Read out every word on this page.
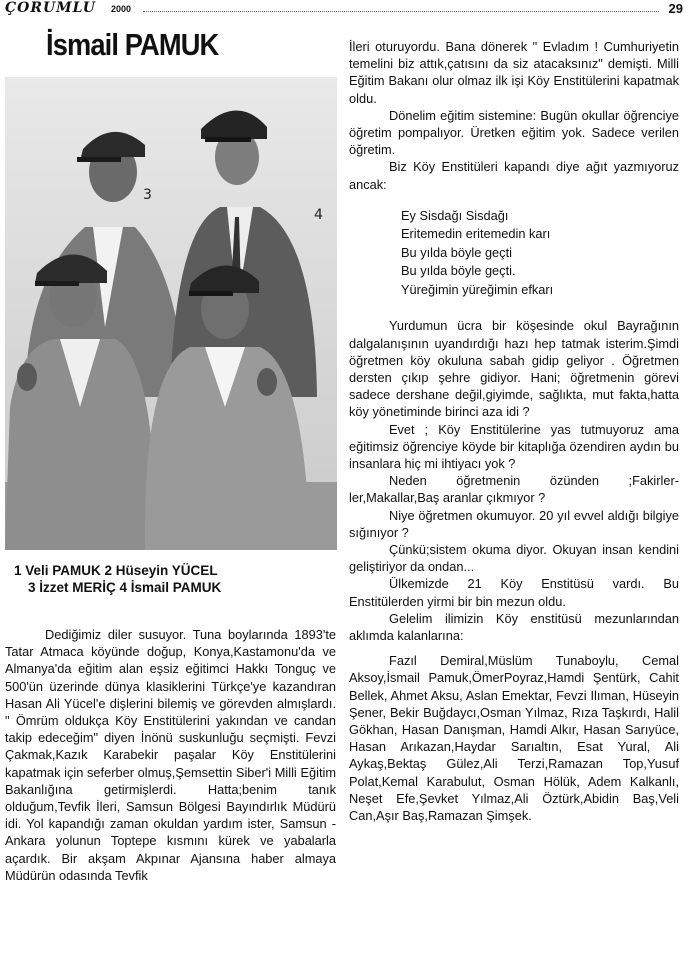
ÇORUMLU 2000	29
İsmail PAMUK
3
4
1 Veli PAMUK 2 Hüseyin YÜCEL
3 İzzet MERİÇ 4 İsmail PAMUK

Dediğimiz diler susuyor. Tuna boylarında 1893'te Tatar Atmaca köyünde doğup, Konya,Kastamonu'da ve Almanya'da eğitim alan eşsiz eğitimci Hakkı Tonguç ve 500'ün üzerinde dünya klasiklerini Türkçe'ye kazandıran Hasan Ali Yücel'e dişlerini bilemiş ve görevden almışlardı. " Ömrüm oldukça Köy Enstitülerini yakından ve candan takip edeceğim" diyen İnönü suskunluğu seçmişti. Fevzi Çakmak,Kazık Karabekir paşalar Köy Enstitülerini kapatmak için seferber olmuş,Şemsettin Siber'i Milli Eğitim Bakanlığına getirmişlerdi. Hatta;benim tanık olduğum,Tevfik İleri, Samsun Bölgesi Bayındırlık Müdürü idi. Yol kapandığı zaman okuldan yardım ister, Samsun - Ankara yolunun Toptepe kısmını kürek ve yabalarla açardık. Bir akşam Akpınar Ajansına haber almaya Müdürün odasında Tevfik

İleri oturuyordu. Bana dönerek " Evladım ! Cumhuriyetin temelini biz attık,çatısını da siz atacaksınız" demişti. Milli Eğitim Bakanı olur olmaz ilk işi Köy Enstitülerini kapatmak oldu.

Dönelim eğitim sistemine: Bugün okullar öğrenciye öğretim pompalıyor. Üretken eğitim yok. Sadece verilen öğretim.

Biz Köy Enstitüleri kapandı diye ağıt yazmıyoruz ancak:

Ey Sisdağı Sisdağı
Eritemedin eritemedin karı
Bu yılda böyle geçti
Bu yılda böyle geçti.
Yüreğimin yüreğimin efkarı

Yurdumun ücra bir köşesinde okul Bayrağının dalgalanışının uyandırdığı hazı hep tatmak isterim.Şimdi öğretmen köy okuluna sabah gidip geliyor . Öğretmen dersten çıkıp şehre gidiyor. Hani; öğretmenin görevi sadece dershane değil,giyimde, sağlıkta, mut fakta,hatta köy yönetiminde birinci aza idi ?

Evet ; Köy Enstitülerine yas tutmuyoruz ama eğitimsiz öğrenciye köyde bir kitaplığa özendiren aydın bu insanlara hiç mi ihtiyacı yok ?

Neden öğretmenin özünden ;Fakirler-ler,Makallar,Baş aranlar çıkmıyor ?

Niye öğretmen okumuyor. 20 yıl evvel aldığı bilgiye sığınıyor ?

Çünkü;sistem okuma diyor. Okuyan insan kendini geliştiriyor da ondan...

Ülkemizde 21 Köy Enstitüsü vardı. Bu Enstitülerden yirmi bir bin mezun oldu.

Gelelim ilimizin Köy enstitüsü mezunlarından aklımda kalanlarına:

Fazıl Demiral,Müslüm Tunaboylu, Cemal Aksoy,İsmail Pamuk,ÖmerPoyraz,Hamdi Şentürk, Cahit Bellek, Ahmet Aksu, Aslan Emektar, Fevzi Ilıman, Hüseyin Şener, Bekir Buğdaycı,Osman Yılmaz, Rıza Taşkırdı, Halil Gökhan, Hasan Danışman, Hamdi Alkır, Hasan Sarıyüce, Hasan Arıkazan,Haydar Sarıaltın, Esat Yural, Ali Aykaş,Bektaş Gülez,Ali Terzi,Ramazan Top,Yusuf Polat,Kemal Karabulut, Osman Hölük, Adem Kalkanlı, Neşet Efe,Şevket Yılmaz,Ali Öztürk,Abidin Baş,Veli Can,Aşır Baş,Ramazan Şimşek.
